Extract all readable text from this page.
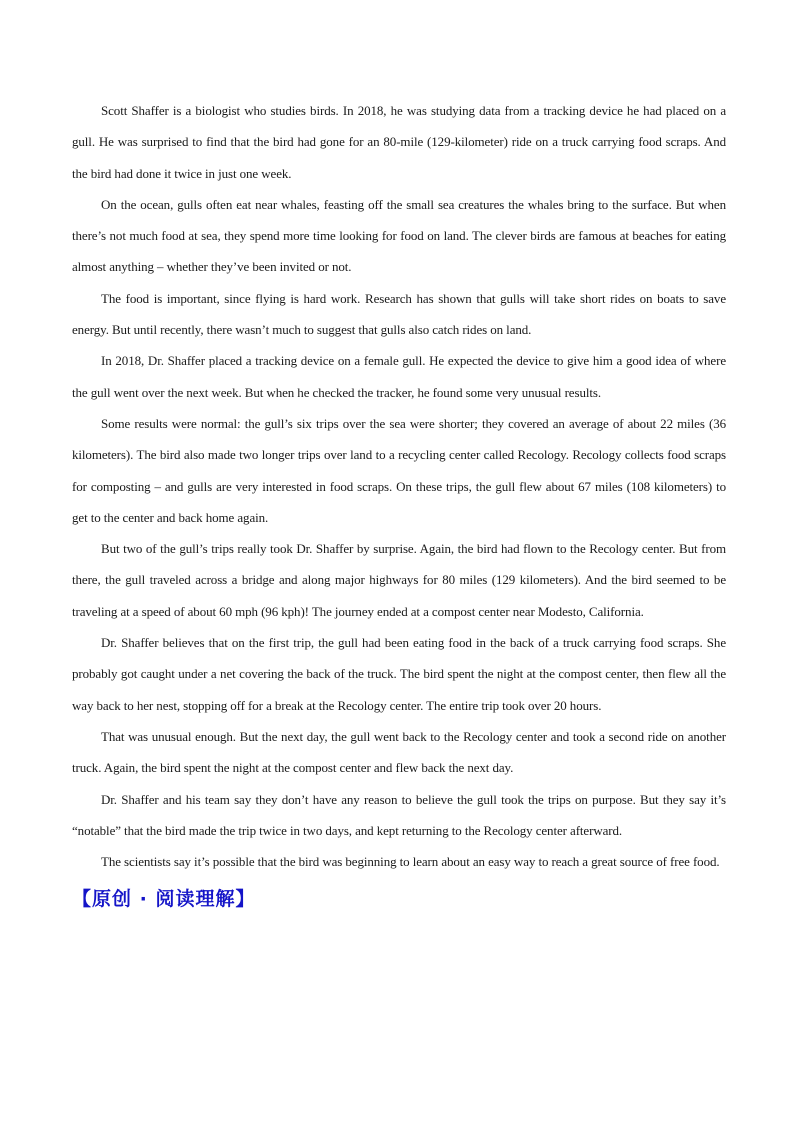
Scott Shaffer is a biologist who studies birds. In 2018, he was studying data from a tracking device he had placed on a gull. He was surprised to find that the bird had gone for an 80-mile (129-kilometer) ride on a truck carrying food scraps. And the bird had done it twice in just one week.

On the ocean, gulls often eat near whales, feasting off the small sea creatures the whales bring to the surface. But when there’s not much food at sea, they spend more time looking for food on land. The clever birds are famous at beaches for eating almost anything – whether they’ve been invited or not.

The food is important, since flying is hard work. Research has shown that gulls will take short rides on boats to save energy. But until recently, there wasn’t much to suggest that gulls also catch rides on land.

In 2018, Dr. Shaffer placed a tracking device on a female gull. He expected the device to give him a good idea of where the gull went over the next week. But when he checked the tracker, he found some very unusual results.

Some results were normal: the gull’s six trips over the sea were shorter; they covered an average of about 22 miles (36 kilometers). The bird also made two longer trips over land to a recycling center called Recology. Recology collects food scraps for composting – and gulls are very interested in food scraps. On these trips, the gull flew about 67 miles (108 kilometers) to get to the center and back home again.

But two of the gull’s trips really took Dr. Shaffer by surprise. Again, the bird had flown to the Recology center. But from there, the gull traveled across a bridge and along major highways for 80 miles (129 kilometers). And the bird seemed to be traveling at a speed of about 60 mph (96 kph)! The journey ended at a compost center near Modesto, California.

Dr. Shaffer believes that on the first trip, the gull had been eating food in the back of a truck carrying food scraps. She probably got caught under a net covering the back of the truck. The bird spent the night at the compost center, then flew all the way back to her nest, stopping off for a break at the Recology center. The entire trip took over 20 hours.

That was unusual enough. But the next day, the gull went back to the Recology center and took a second ride on another truck. Again, the bird spent the night at the compost center and flew back the next day.

Dr. Shaffer and his team say they don’t have any reason to believe the gull took the trips on purpose. But they say it’s “notable” that the bird made the trip twice in two days, and kept returning to the Recology center afterward.

The scientists say it’s possible that the bird was beginning to learn about an easy way to reach a great source of free food.

【原创 · 阅读理解】
